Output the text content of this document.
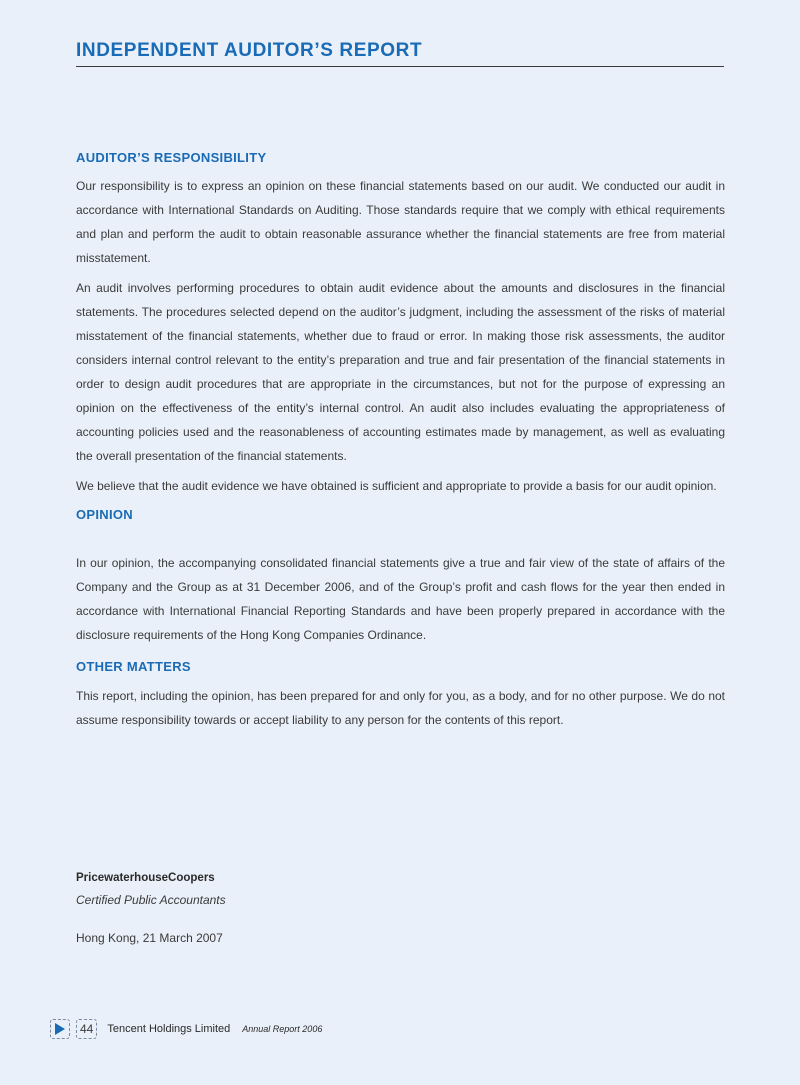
INDEPENDENT AUDITOR’S REPORT
AUDITOR’S RESPONSIBILITY

Our responsibility is to express an opinion on these financial statements based on our audit. We conducted our audit in accordance with International Standards on Auditing. Those standards require that we comply with ethical requirements and plan and perform the audit to obtain reasonable assurance whether the financial statements are free from material misstatement.

An audit involves performing procedures to obtain audit evidence about the amounts and disclosures in the financial statements. The procedures selected depend on the auditor’s judgment, including the assessment of the risks of material misstatement of the financial statements, whether due to fraud or error. In making those risk assessments, the auditor considers internal control relevant to the entity’s preparation and true and fair presentation of the financial statements in order to design audit procedures that are appropriate in the circumstances, but not for the purpose of expressing an opinion on the effectiveness of the entity’s internal control. An audit also includes evaluating the appropriateness of accounting policies used and the reasonableness of accounting estimates made by management, as well as evaluating the overall presentation of the financial statements.

We believe that the audit evidence we have obtained is sufficient and appropriate to provide a basis for our audit opinion.

OPINION

In our opinion, the accompanying consolidated financial statements give a true and fair view of the state of affairs of the Company and the Group as at 31 December 2006, and of the Group’s profit and cash flows for the year then ended in accordance with International Financial Reporting Standards and have been properly prepared in accordance with the disclosure requirements of the Hong Kong Companies Ordinance.

OTHER MATTERS

This report, including the opinion, has been prepared for and only for you, as a body, and for no other purpose. We do not assume responsibility towards or accept liability to any person for the contents of this report.

PricewaterhouseCoopers
Certified Public Accountants
Hong Kong, 21 March 2007
44	Tencent Holdings Limited Annual Report 2006
